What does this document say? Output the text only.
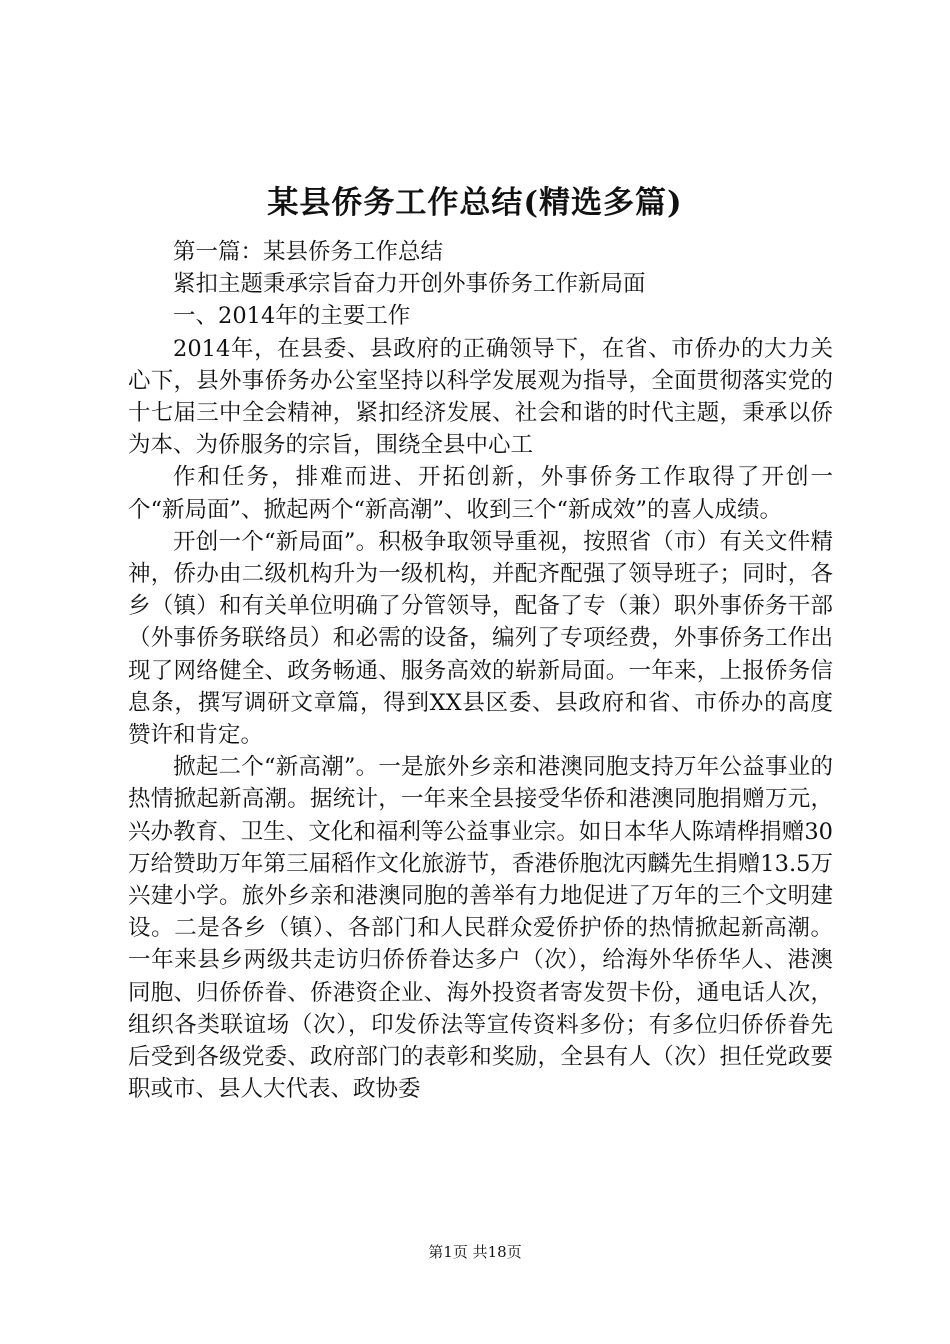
某县侨务工作总结(精选多篇)

第一篇：某县侨务工作总结

紧扣主题秉承宗旨奋力开创外事侨务工作新局面

一、2014年的主要工作

2014年，在县委、县政府的正确领导下，在省、市侨办的大力关心下，县外事侨务办公室坚持以科学发展观为指导，全面贯彻落实党的十七届三中全会精神，紧扣经济发展、社会和谐的时代主题，秉承以侨为本、为侨服务的宗旨，围绕全县中心工

作和任务，排难而进、开拓创新，外事侨务工作取得了开创一个“新局面”、掀起两个“新高潮”、收到三个“新成效”的喜人成绩。

开创一个“新局面”。积极争取领导重视，按照省（市）有关文件精神，侨办由二级机构升为一级机构，并配齐配强了领导班子；同时，各乡（镇）和有关单位明确了分管领导，配备了专（兼）职外事侨务干部（外事侨务联络员）和必需的设备，编列了专项经费，外事侨务工作出现了网络健全、政务畅通、服务高效的崭新局面。一年来，上报侨务信息条，撰写调研文章篇，得到XX县区委、县政府和省、市侨办的高度赞许和肯定。

掀起二个“新高潮”。一是旅外乡亲和港澳同胞支持万年公益事业的热情掀起新高潮。据统计，一年来全县接受华侨和港澳同胞捐赠万元，兴办教育、卫生、文化和福利等公益事业宗。如日本华人陈靖桦捐赠30万给赞助万年第三届稻作文化旅游节，香港侨胞沈丙麟先生捐赠13.5万兴建小学。旅外乡亲和港澳同胞的善举有力地促进了万年的三个文明建设。二是各乡（镇）、各部门和人民群众爱侨护侨的热情掀起新高潮。一年来县乡两级共走访归侨侨眷达多户（次），给海外华侨华人、港澳同胞、归侨侨眷、侨港资企业、海外投资者寄发贺卡份，通电话人次，组织各类联谊场（次），印发侨法等宣传资料多份；有多位归侨侨眷先后受到各级党委、政府部门的表彰和奖励，全县有人（次）担任党政要职或市、县人大代表、政协委

第1页 共18页
